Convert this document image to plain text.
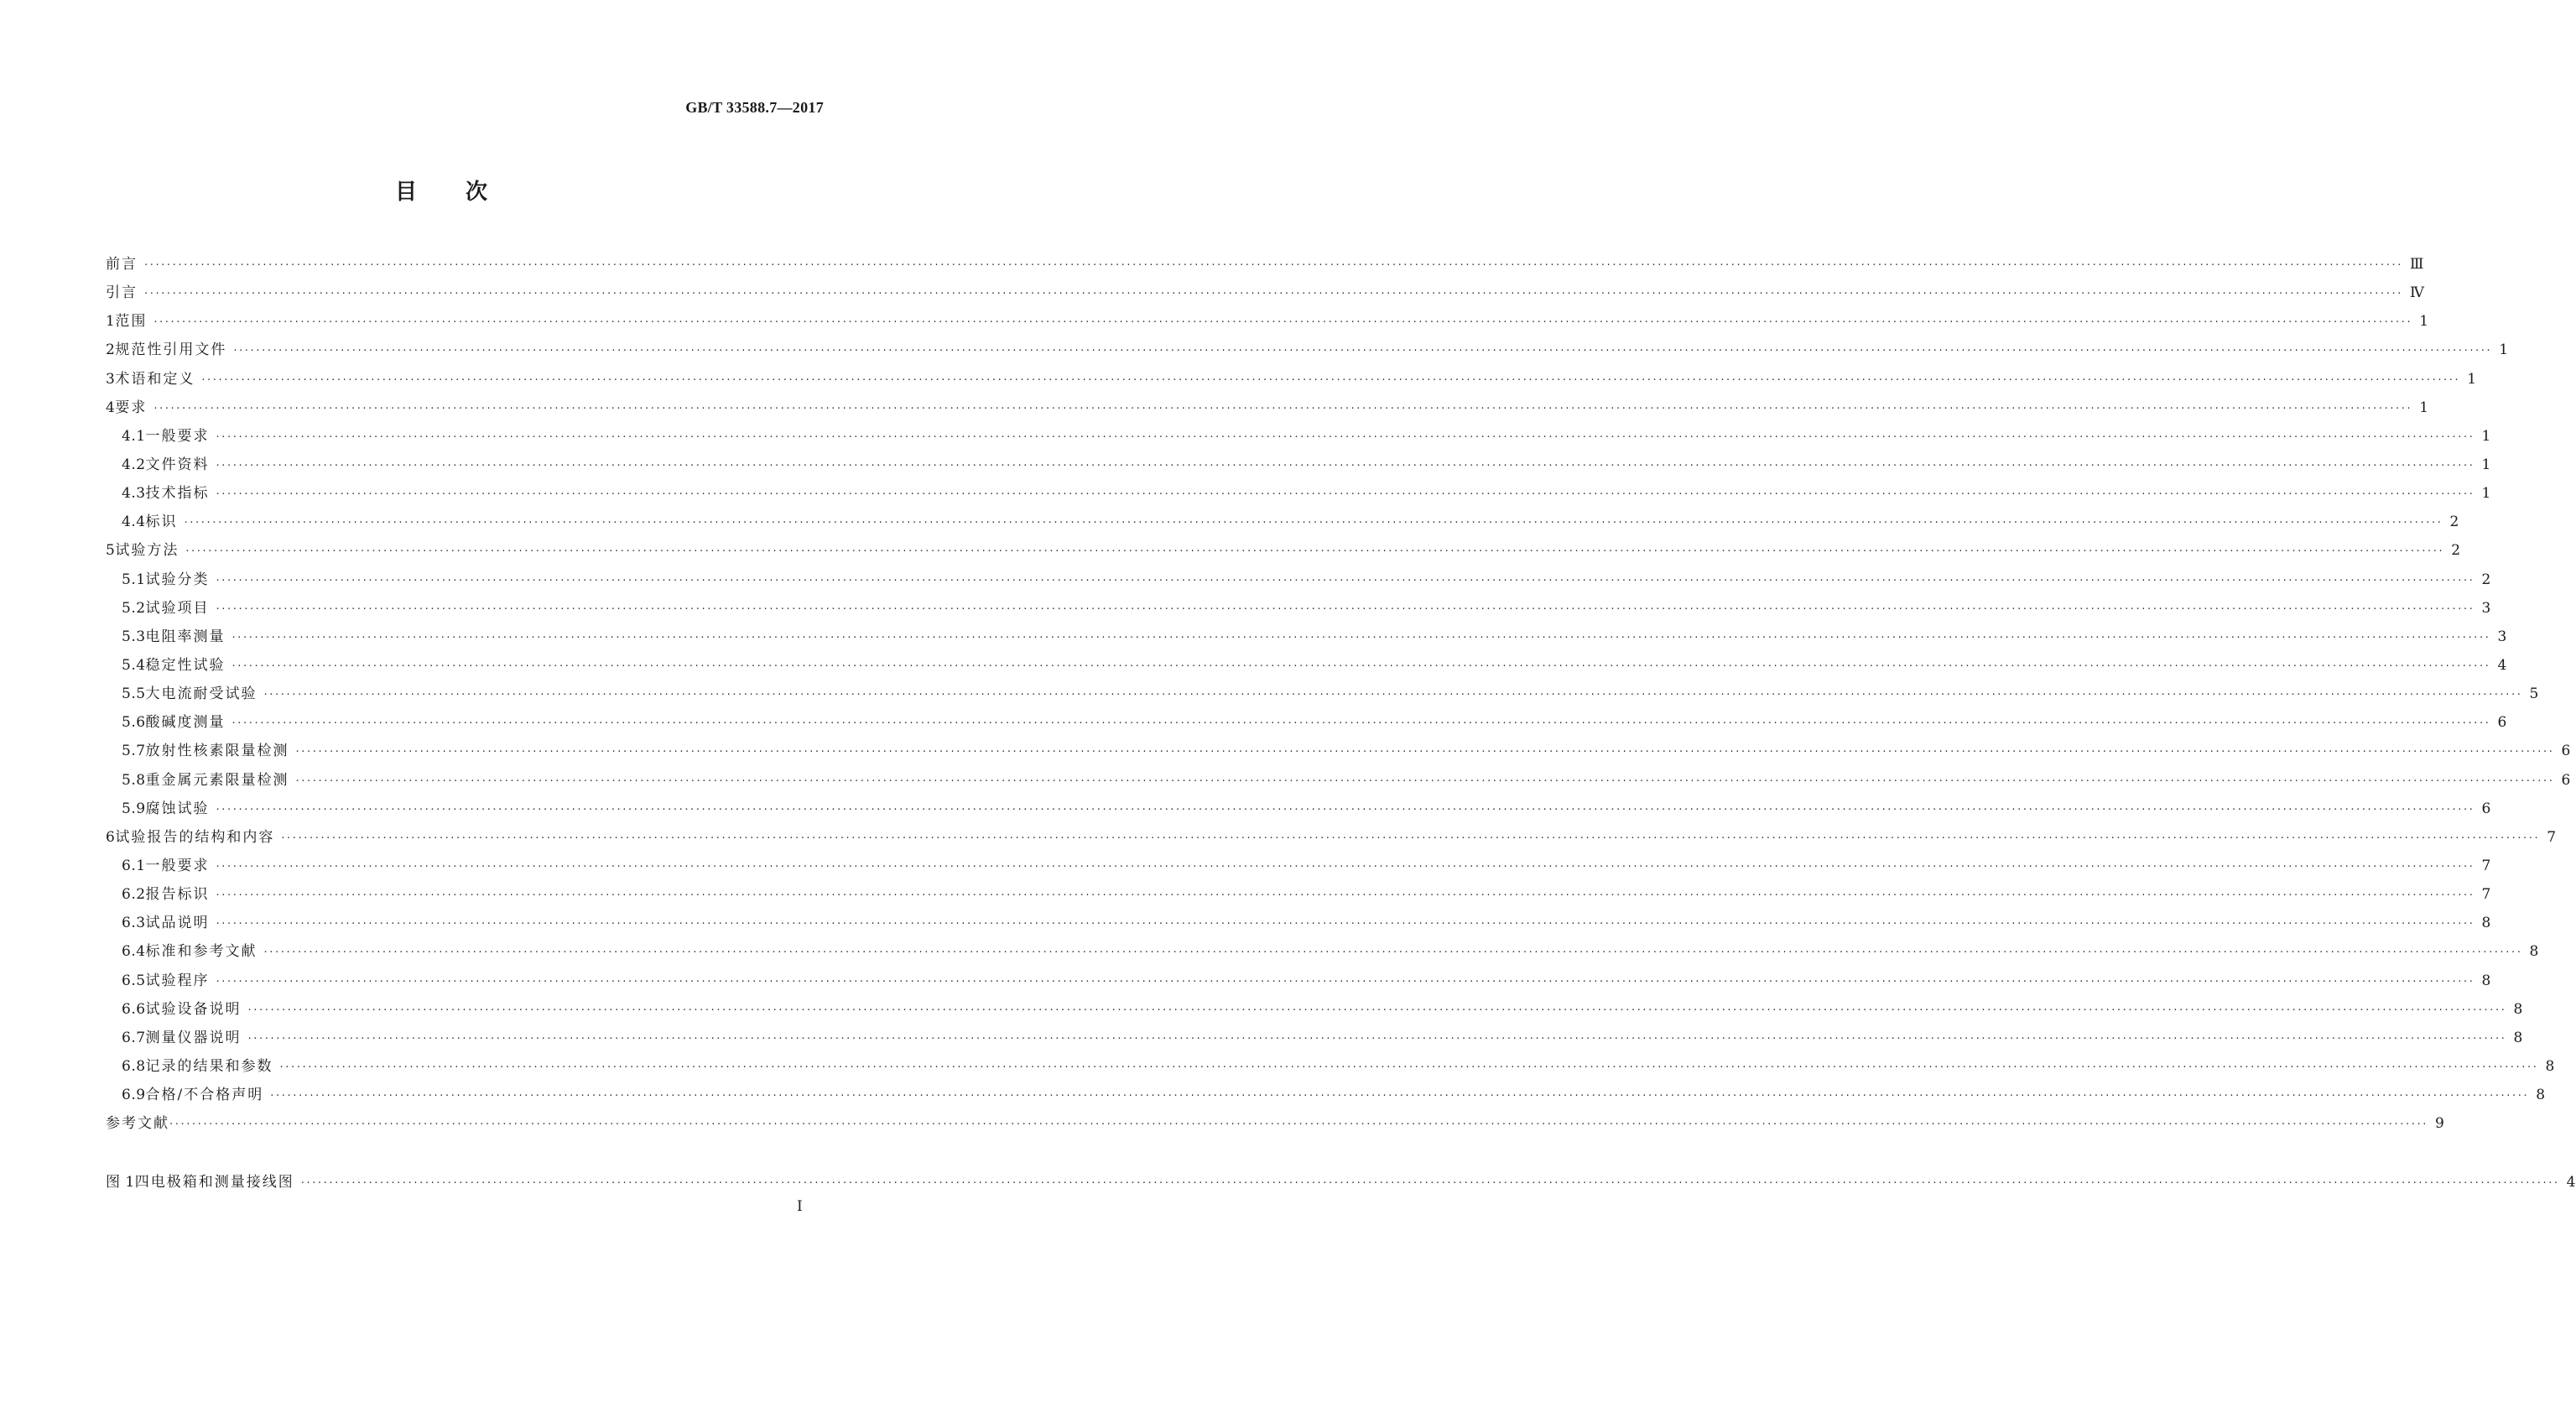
GB/T 33588.7—2017
目次
前言 ················································································································································································································································································································································································································ Ⅲ
引言 ················································································································································································································································································································································································································ Ⅳ
1 范围 ················································································································································································································································································································································································································ 1
2 规范性引用文件 ················································································································································································································································································································································································································ 1
3 术语和定义 ················································································································································································································································································································································································································ 1
4 要求 ················································································································································································································································································································································································································ 1
4.1 一般要求 ················································································································································································································································································································································································································ 1
4.2 文件资料 ················································································································································································································································································································································································································ 1
4.3 技术指标 ················································································································································································································································································································································································································ 1
4.4 标识 ················································································································································································································································································································································································································ 2
5 试验方法 ················································································································································································································································································································································································································ 2
5.1 试验分类 ················································································································································································································································································································································································································ 2
5.2 试验项目 ················································································································································································································································································································································································································ 3
5.3 电阻率测量 ················································································································································································································································································································································································································ 3
5.4 稳定性试验 ················································································································································································································································································································································································································ 4
5.5 大电流耐受试验 ················································································································································································································································································································································································································ 5
5.6 酸碱度测量 ················································································································································································································································································································································································································ 6
5.7 放射性核素限量检测 ················································································································································································································································································································································································································ 6
5.8 重金属元素限量检测 ················································································································································································································································································································································································································ 6
5.9 腐蚀试验 ················································································································································································································································································································································································································ 6
6 试验报告的结构和内容 ················································································································································································································································································································································································································ 7
6.1 一般要求 ················································································································································································································································································································································································································ 7
6.2 报告标识 ················································································································································································································································································································································································································ 7
6.3 试品说明 ················································································································································································································································································································································································································ 8
6.4 标准和参考文献 ················································································································································································································································································································································································································ 8
6.5 试验程序 ················································································································································································································································································································································································································ 8
6.6 试验设备说明 ················································································································································································································································································································································································································ 8
6.7 测量仪器说明 ················································································································································································································································································································································································································ 8
6.8 记录的结果和参数 ················································································································································································································································································································································································································ 8
6.9 合格/不合格声明 ················································································································································································································································································································································································································ 8
参考文献 ················································································································································································································································································································································································································ 9
图 1 四电极箱和测量接线图 ················································································································································································································································································································································································································ 4
I
